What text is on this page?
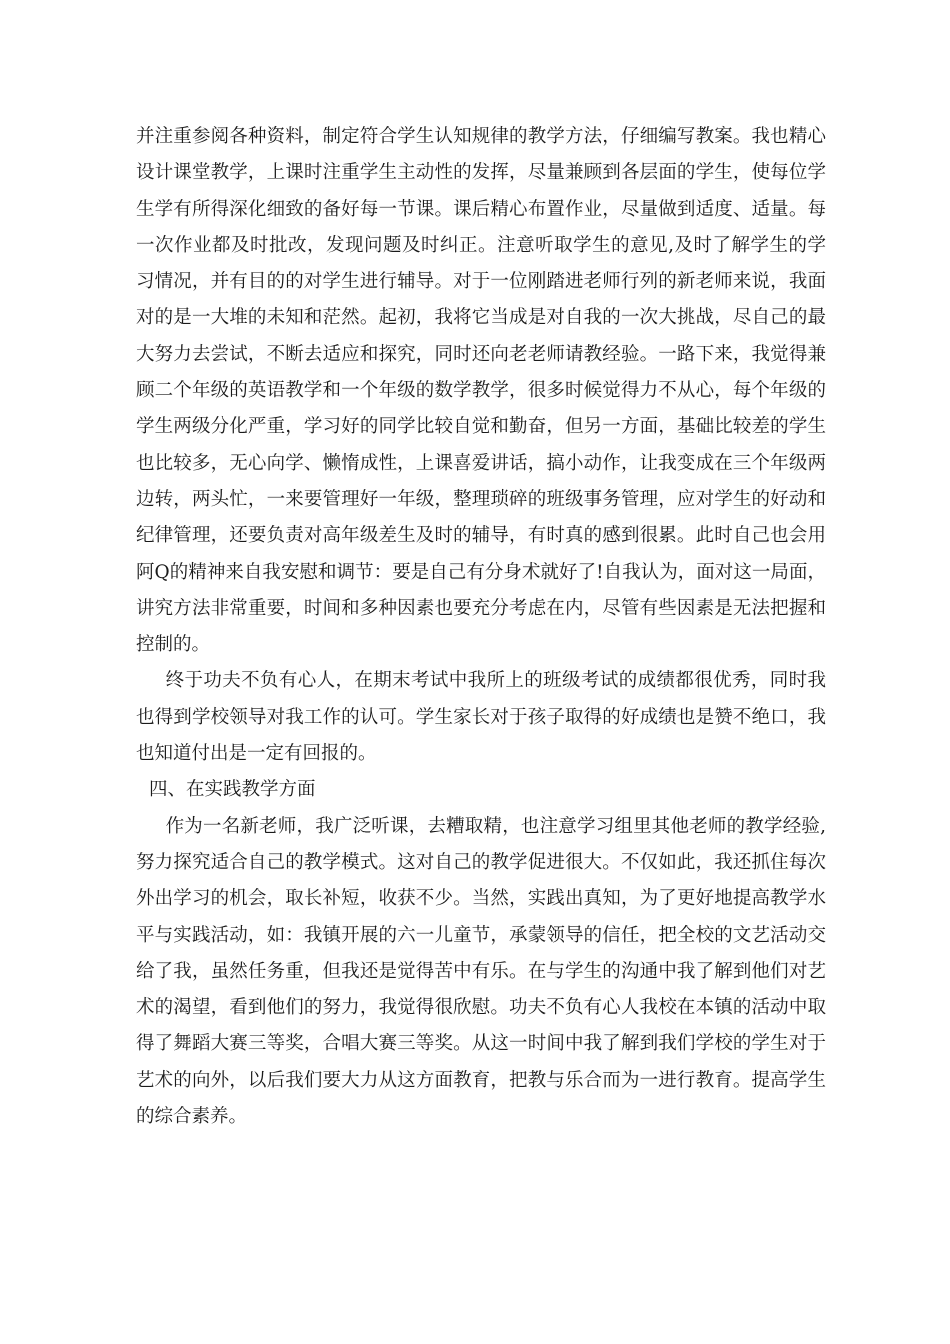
并注重参阅各种资料，制定符合学生认知规律的教学方法，仔细编写教案。我也精心设计课堂教学，上课时注重学生主动性的发挥，尽量兼顾到各层面的学生，使每位学生学有所得深化细致的备好每一节课。课后精心布置作业，尽量做到适度、适量。每一次作业都及时批改，发现问题及时纠正。注意听取学生的意见,及时了解学生的学习情况，并有目的的对学生进行辅导。对于一位刚踏进老师行列的新老师来说，我面对的是一大堆的未知和茫然。起初，我将它当成是对自我的一次大挑战，尽自己的最大努力去尝试，不断去适应和探究，同时还向老老师请教经验。一路下来，我觉得兼顾二个年级的英语教学和一个年级的数学教学，很多时候觉得力不从心，每个年级的学生两级分化严重，学习好的同学比较自觉和勤奋，但另一方面，基础比较差的学生也比较多，无心向学、懒惰成性，上课喜爱讲话，搞小动作，让我变成在三个年级两边转，两头忙，一来要管理好一年级，整理琐碎的班级事务管理，应对学生的好动和纪律管理，还要负责对高年级差生及时的辅导，有时真的感到很累。此时自己也会用阿Q的精神来自我安慰和调节：要是自己有分身术就好了!自我认为，面对这一局面，讲究方法非常重要，时间和多种因素也要充分考虑在内，尽管有些因素是无法把握和控制的。

终于功夫不负有心人，在期末考试中我所上的班级考试的成绩都很优秀，同时我也得到学校领导对我工作的认可。学生家长对于孩子取得的好成绩也是赞不绝口，我也知道付出是一定有回报的。

四、在实践教学方面

作为一名新老师，我广泛听课，去糟取精，也注意学习组里其他老师的教学经验,努力探究适合自己的教学模式。这对自己的教学促进很大。不仅如此，我还抓住每次外出学习的机会，取长补短，收获不少。当然，实践出真知，为了更好地提高教学水平与实践活动，如：我镇开展的六一儿童节，承蒙领导的信任，把全校的文艺活动交给了我，虽然任务重，但我还是觉得苦中有乐。在与学生的沟通中我了解到他们对艺术的渴望，看到他们的努力，我觉得很欣慰。功夫不负有心人我校在本镇的活动中取得了舞蹈大赛三等奖，合唱大赛三等奖。从这一时间中我了解到我们学校的学生对于艺术的向外，以后我们要大力从这方面教育，把教与乐合而为一进行教育。提高学生的综合素养。
